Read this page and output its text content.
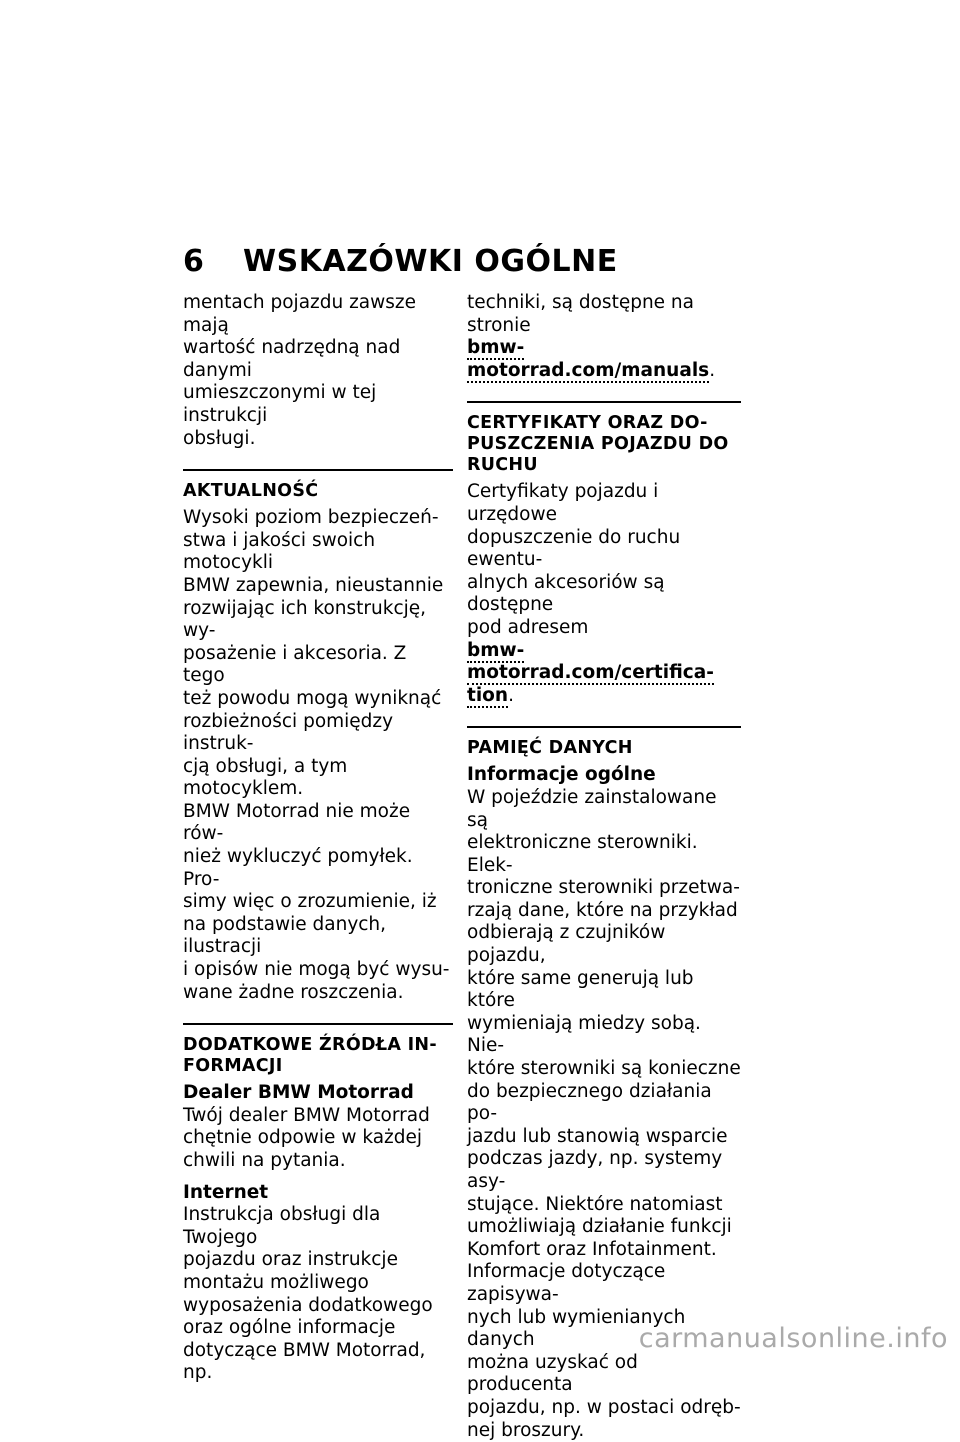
6 WSKAZÓWKI OGÓLNE

mentach pojazdu zawsze mają
wartość nadrzędną nad danymi
umieszczonymi w tej instrukcji
obsługi.

AKTUALNOŚĆ

Wysoki poziom bezpieczeń-
stwa i jakości swoich motocykli
BMW zapewnia, nieustannie
rozwijając ich konstrukcję, wy-
posażenie i akcesoria. Z tego
też powodu mogą wyniknąć
rozbieżności pomiędzy instruk-
cją obsługi, a tym motocyklem.
BMW Motorrad nie może rów-
nież wykluczyć pomyłek. Pro-
simy więc o zrozumienie, iż
na podstawie danych, ilustracji
i opisów nie mogą być wysu-
wane żadne roszczenia.

DODATKOWE ŹRÓDŁA IN-
FORMACJI
Dealer BMW Motorrad

Twój dealer BMW Motorrad
chętnie odpowie w każdej
chwili na pytania.

Internet

Instrukcja obsługi dla Twojego
pojazdu oraz instrukcje
montażu możliwego
wyposażenia dodatkowego
oraz ogólne informacje
dotyczące BMW Motorrad, np.

techniki, są dostępne na stronie
bmw-motorrad.com/manuals.

CERTYFIKATY ORAZ DO-
PUSZCZENIA POJAZDU DO
RUCHU

Certyfikaty pojazdu i urzędowe
dopuszczenie do ruchu ewentu-
alnych akcesoriów są dostępne
pod adresem
bmw-motorrad.com/certifica-
tion.

PAMIĘĆ DANYCH
Informacje ogólne

W pojeździe zainstalowane są
elektroniczne sterowniki. Elek-
troniczne sterowniki przetwa-
rzają dane, które na przykład
odbierają z czujników pojazdu,
które same generują lub które
wymieniają miedzy sobą. Nie-
które sterowniki są konieczne
do bezpiecznego działania po-
jazdu lub stanowią wsparcie
podczas jazdy, np. systemy asy-
stujące. Niektóre natomiast
umożliwiają działanie funkcji
Komfort oraz Infotainment.
Informacje dotyczące zapisywa-
nych lub wymienianych danych
można uzyskać od producenta
pojazdu, np. w postaci odręb-
nej broszury.

carmanualsonline.info
